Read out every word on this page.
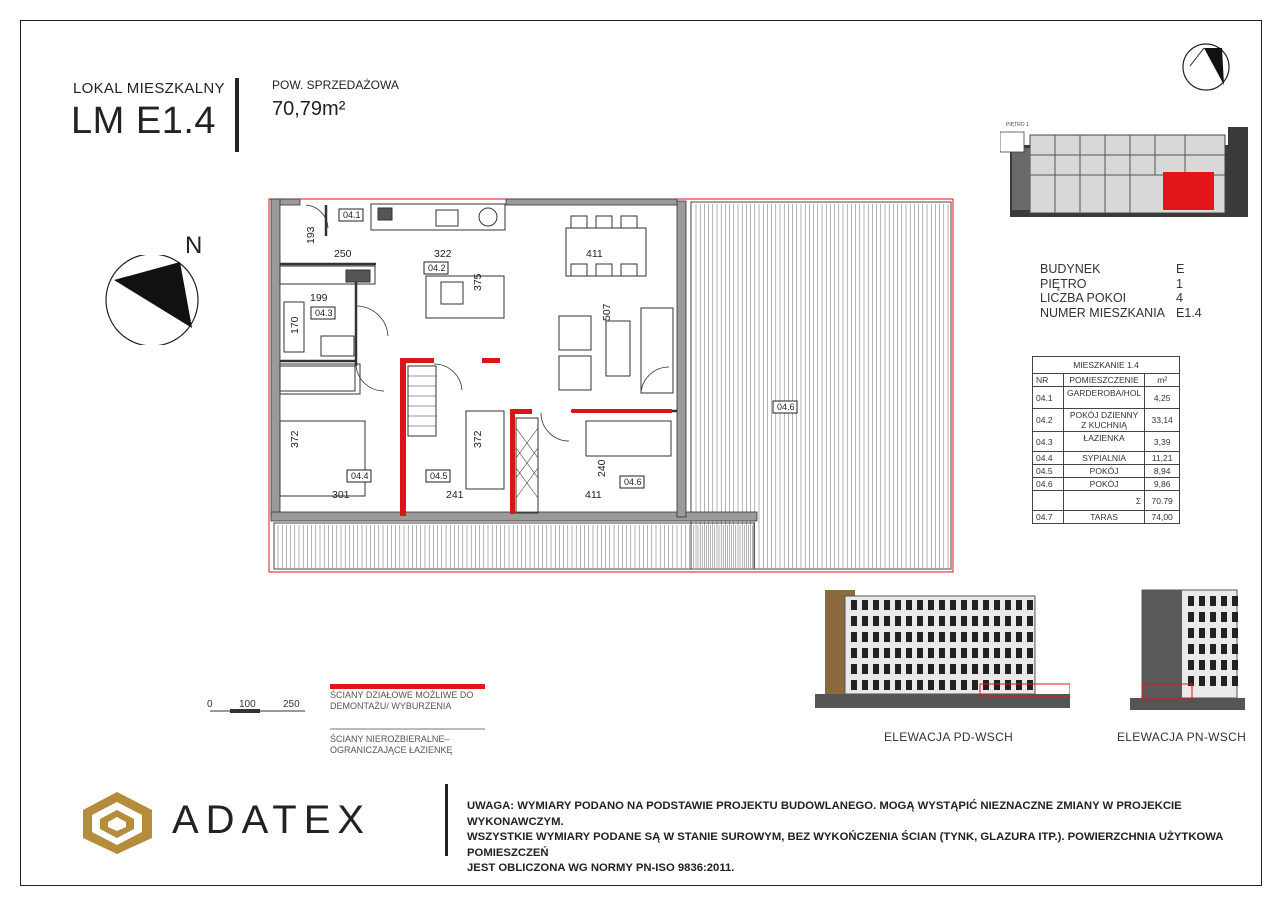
LOKAL MIESZKALNY
LM E1.4
POW. SPRZEDAŻOWA
70,79m²
PIĘTRO 1
BUDYNEK	E
PIĘTRO	1
LICZBA POKOI	4
NUMER MIESZKANIA E1.4
MIESZKANIE 1.4		
NR	POMIESZCZENIE	m²
04.1	GARDEROBA/HOL	4,25
04.2	POKÓJ DZIENNY Z KUCHNIĄ	33,14
04.3	ŁAZIENKA	3,39
04.4	SYPIALNIA	11,21
04.5	POKÓJ	8,94
04.6	POKÓJ	9,86
	Σ	70.79
04.7	TARAS	74,00
N
04.1
04.2
04.3
04.4	04.5
04.6
04.6
193
250	322	411
199
375
170
507
372	372
240
301	241	411
0	100	250
ŚCIANY DZIAŁOWE MOŻLIWE DO DEMONTAŻU/ WYBURZENIA
ŚCIANY NIEROZBIERALNE–OGRANICZAJĄCE ŁAZIENKĘ
ELEWACJA PD-WSCH	ELEWACJA PN-WSCH
ADATEX	UWAGA: WYMIARY PODANO NA PODSTAWIE PROJEKTU BUDOWLANEGO. MOGĄ WYSTĄPIĆ NIEZNACZNE ZMIANY W PROJEKCIE WYKONAWCZYM.
WSZYSTKIE WYMIARY PODANE SĄ W STANIE SUROWYM, BEZ WYKOŃCZENIA ŚCIAN (TYNK, GLAZURA ITP.). POWIERZCHNIA UŻYTKOWA POMIESZCZEŃ
JEST OBLICZONA WG NORMY PN-ISO 9836:2011.
